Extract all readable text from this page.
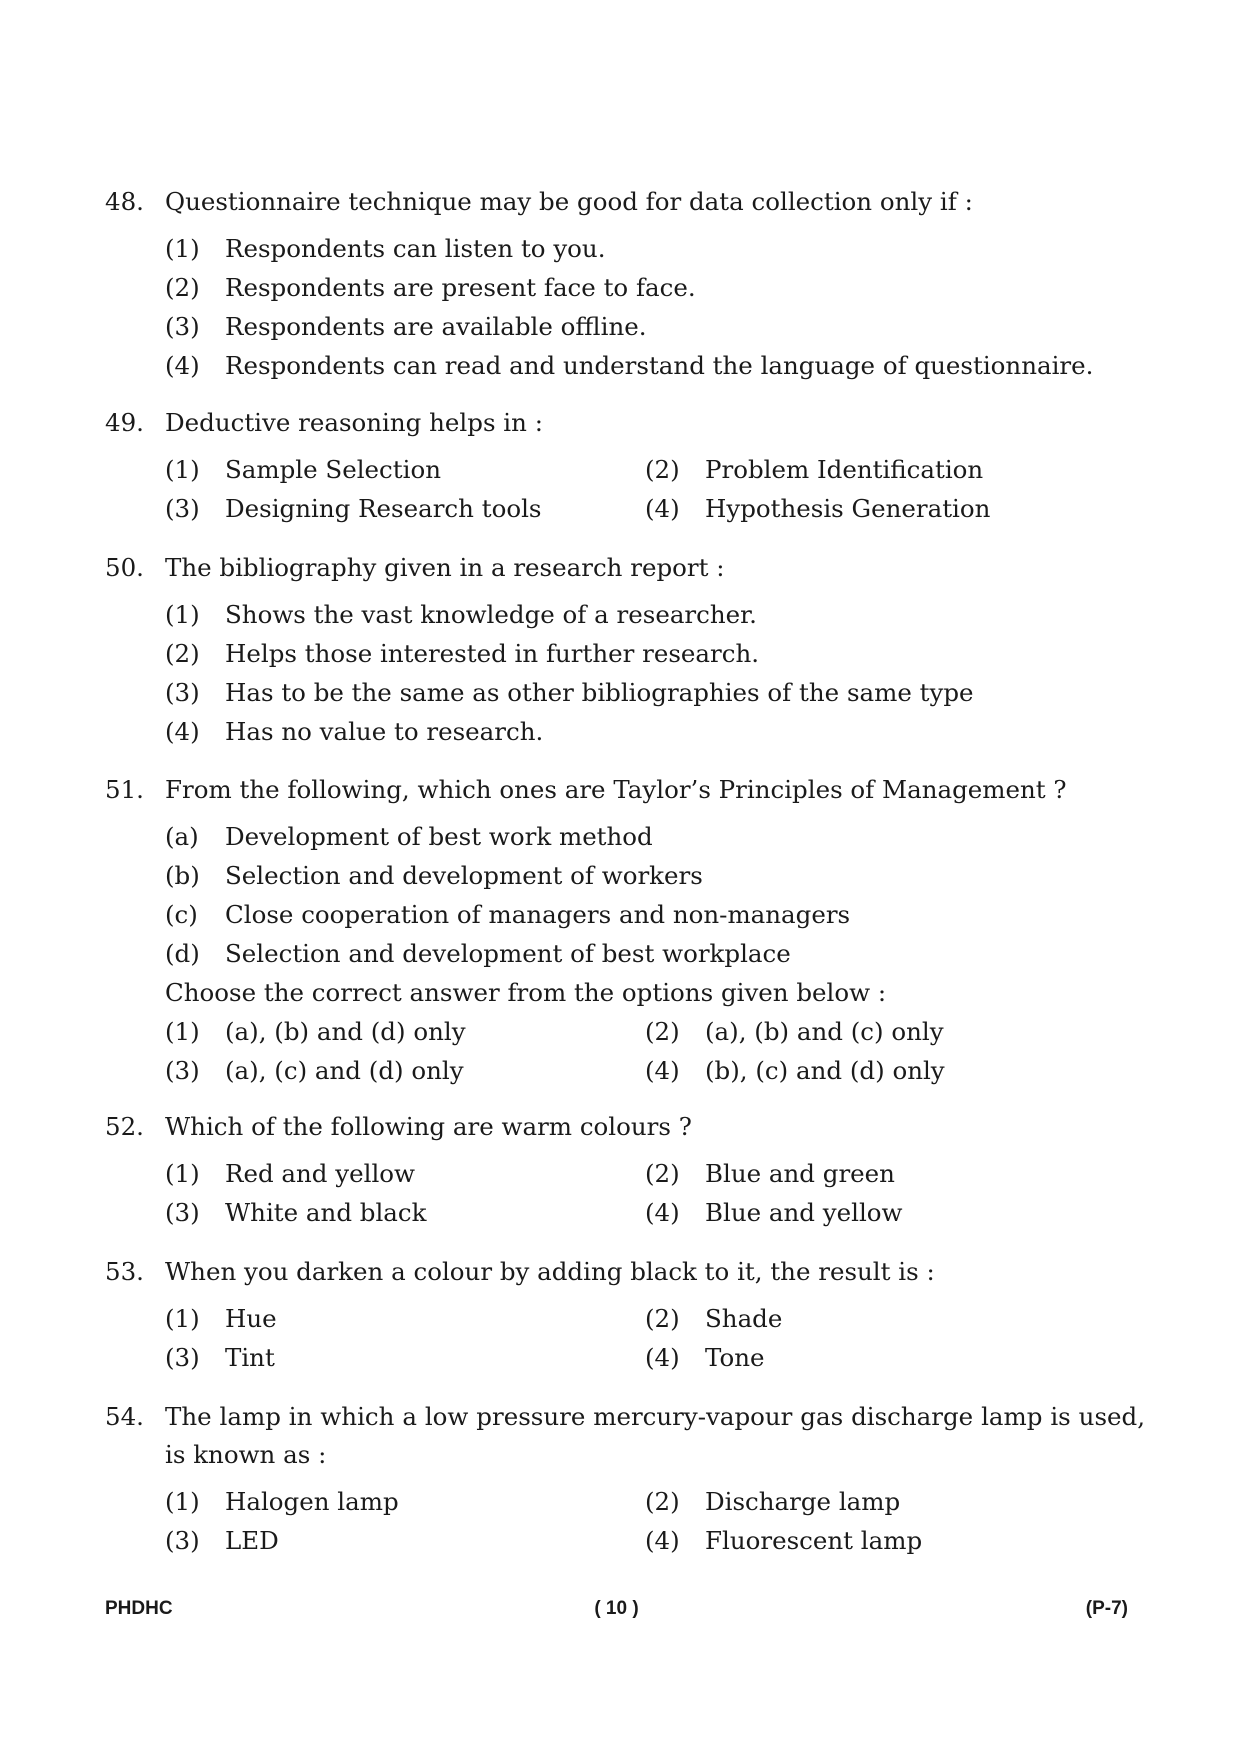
48. Questionnaire technique may be good for data collection only if :
(1)	Respondents can listen to you.
(2)	Respondents are present face to face.
(3)	Respondents are available offline.
(4)	Respondents can read and understand the language of questionnaire.
49. Deductive reasoning helps in :
(1)	Sample Selection	(2)	Problem Identification
(3)	Designing Research tools	(4)	Hypothesis Generation
50. The bibliography given in a research report :
(1)	Shows the vast knowledge of a researcher.
(2)	Helps those interested in further research.
(3)	Has to be the same as other bibliographies of the same type
(4)	Has no value to research.
51. From the following, which ones are Taylor’s Principles of Management ?
(a)	Development of best work method
(b)	Selection and development of workers
(c)	Close cooperation of managers and non-managers
(d)	Selection and development of best workplace
Choose the correct answer from the options given below :
(1)	(a), (b) and (d) only	(2)	(a), (b) and (c) only
(3)	(a), (c) and (d) only	(4)	(b), (c) and (d) only
52. Which of the following are warm colours ?
(1)	Red and yellow	(2)	Blue and green
(3)	White and black	(4)	Blue and yellow
53. When you darken a colour by adding black to it, the result is :
(1)	Hue	(2)	Shade
(3)	Tint	(4)	Tone
54. The lamp in which a low pressure mercury-vapour gas discharge lamp is used, is known as :
(1)	Halogen lamp	(2)	Discharge lamp
(3)	LED	(4)	Fluorescent lamp
PHDHC	( 10 )	(P-7)
